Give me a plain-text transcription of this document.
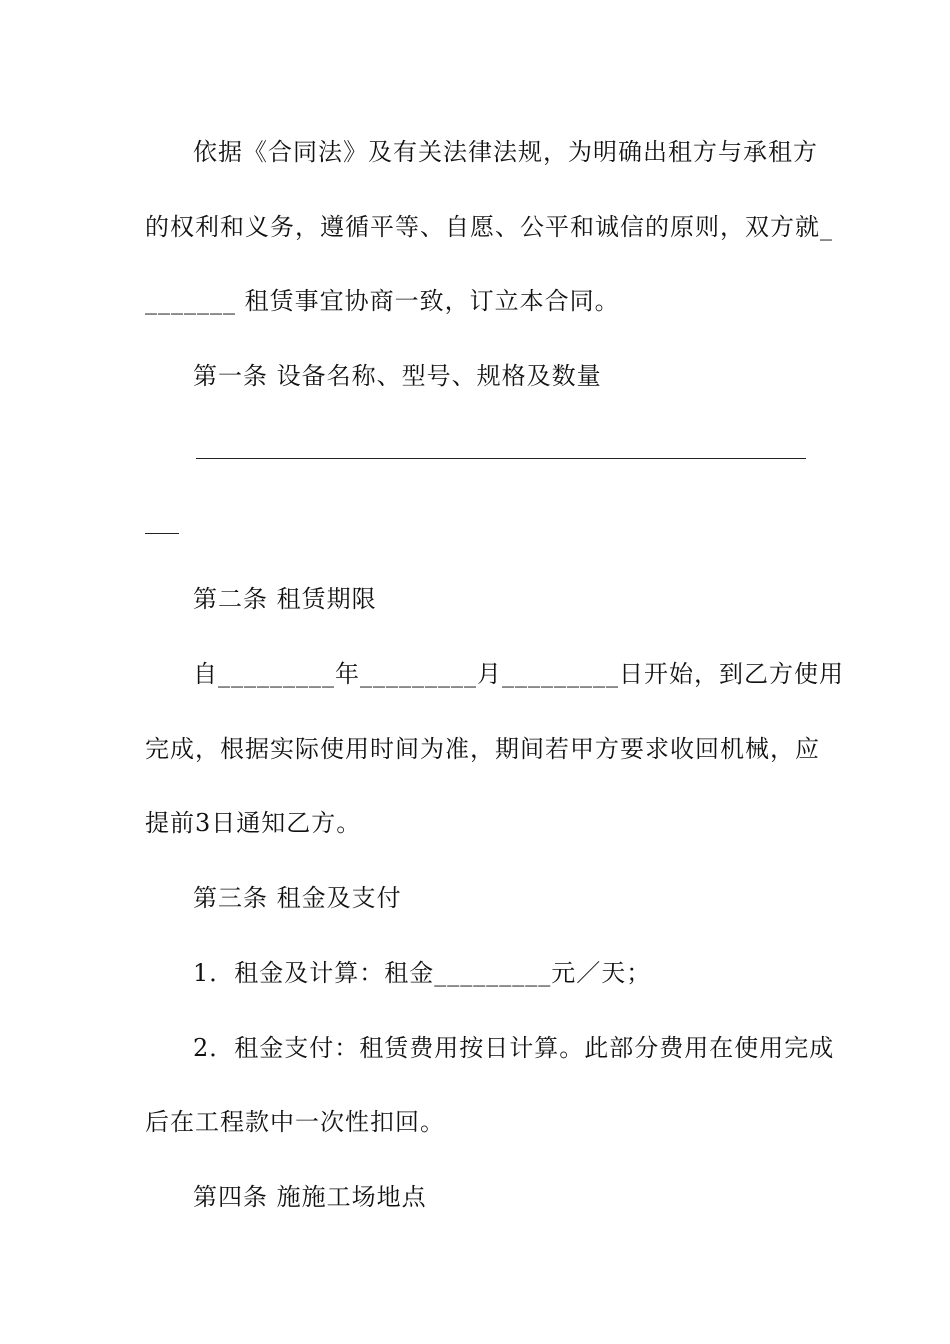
依据《合同法》及有关法律法规，为明确出租方与承租方
的权利和义务，遵循平等、自愿、公平和诚信的原则，双方就_
_______ 租赁事宜协商一致，订立本合同。
第一条 设备名称、型号、规格及数量
第二条 租赁期限
自_________年_________月_________日开始，到乙方使用
完成，根据实际使用时间为准，期间若甲方要求收回机械，应
提前3日通知乙方。
第三条 租金及支付
1．租金及计算：租金_________元／天；
2．租金支付：租赁费用按日计算。此部分费用在使用完成
后在工程款中一次性扣回。
第四条 施施工场地点
